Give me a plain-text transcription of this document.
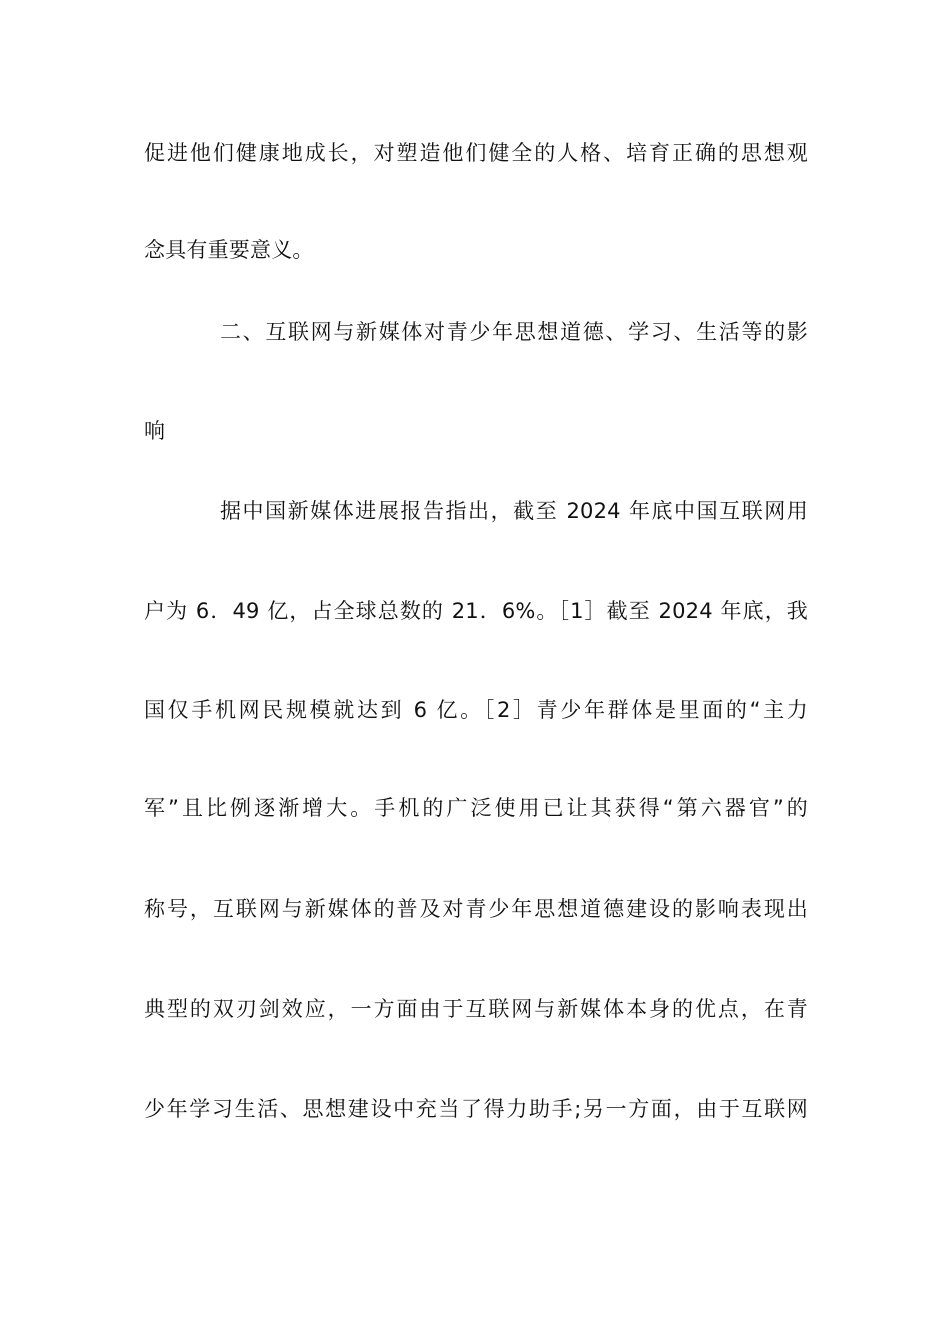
促进他们健康地成长，对塑造他们健全的人格、培育正确的思想观
念具有重要意义。
二、互联网与新媒体对青少年思想道德、学习、生活等的影
响
据中国新媒体进展报告指出，截至 2024 年底中国互联网用
户为 6．49 亿，占全球总数的 21．6%。［1］截至 2024 年底，我
国仅手机网民规模就达到 6 亿。［2］青少年群体是里面的“主力
军”且比例逐渐增大。手机的广泛使用已让其获得“第六器官”的
称号，互联网与新媒体的普及对青少年思想道德建设的影响表现出
典型的双刃剑效应，一方面由于互联网与新媒体本身的优点，在青
少年学习生活、思想建设中充当了得力助手;另一方面，由于互联网
